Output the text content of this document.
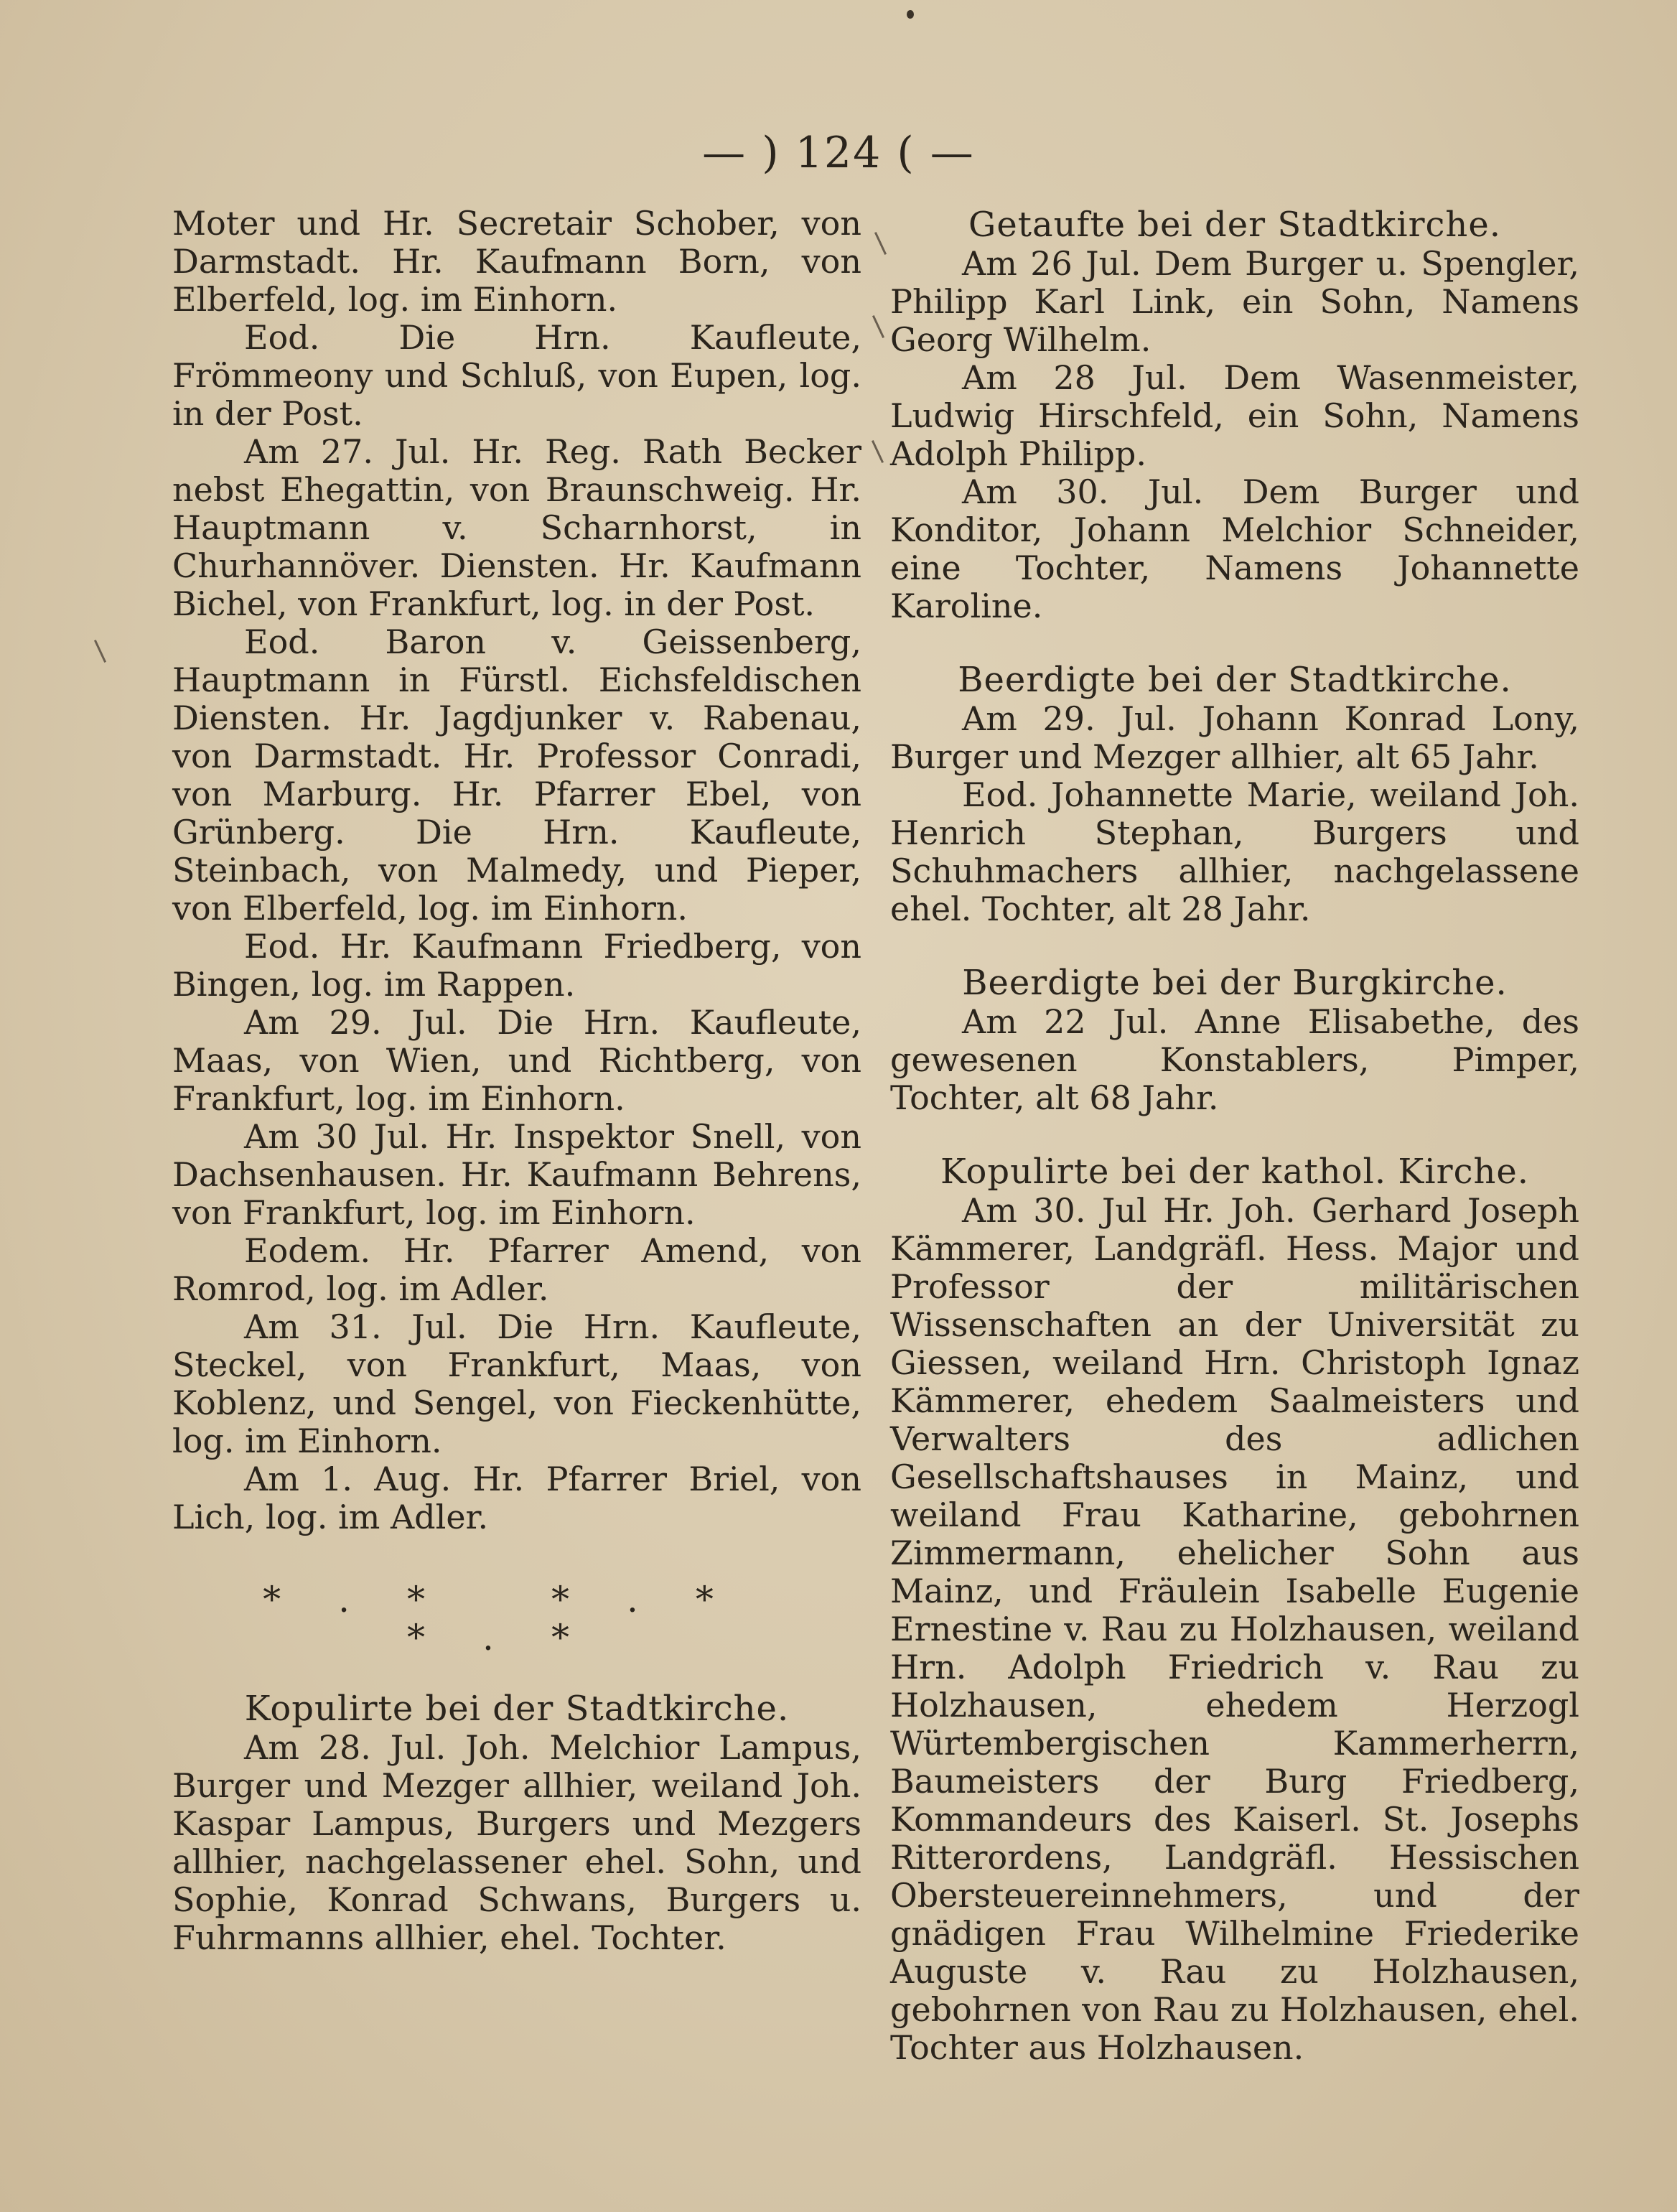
— ) 124 ( —

Moter und Hr. Secretair Schober, von Darmstadt. Hr. Kaufmann Born, von Elberfeld, log. im Einhorn.

Eod. Die Hrn. Kaufleute, Frömmeony und Schluß, von Eupen, log. in der Post.

Am 27. Jul. Hr. Reg. Rath Becker nebst Ehegattin, von Braunschweig. Hr. Hauptmann v. Scharnhorst, in Churhannöver. Diensten. Hr. Kaufmann Bichel, von Frankfurt, log. in der Post.

Eod. Baron v. Geissenberg, Hauptmann in Fürstl. Eichsfeldischen Diensten. Hr. Jagdjunker v. Rabenau, von Darmstadt. Hr. Professor Conradi, von Marburg. Hr. Pfarrer Ebel, von Grünberg. Die Hrn. Kaufleute, Steinbach, von Malmedy, und Pieper, von Elberfeld, log. im Einhorn.

Eod. Hr. Kaufmann Friedberg, von Bingen, log. im Rappen.

Am 29. Jul. Die Hrn. Kaufleute, Maas, von Wien, und Richtberg, von Frankfurt, log. im Einhorn.

Am 30 Jul. Hr. Inspektor Snell, von Dachsenhausen. Hr. Kaufmann Behrens, von Frankfurt, log. im Einhorn.

Eodem. Hr. Pfarrer Amend, von Romrod, log. im Adler.

Am 31. Jul. Die Hrn. Kaufleute, Steckel, von Frankfurt, Maas, von Koblenz, und Sengel, von Fieckenhütte, log. im Einhorn.

Am 1. Aug. Hr. Pfarrer Briel, von Lich, log. im Adler.

*.* *.* *.*
Kopulirte bei der Stadtkirche.

Am 28. Jul. Joh. Melchior Lampus, Burger und Mezger allhier, weiland Joh. Kaspar Lampus, Burgers und Mezgers allhier, nachgelassener ehel. Sohn, und Sophie, Konrad Schwans, Burgers u. Fuhrmanns allhier, ehel. Tochter.

Getaufte bei der Stadtkirche.

Am 26 Jul. Dem Burger u. Spengler, Philipp Karl Link, ein Sohn, Namens Georg Wilhelm.

Am 28 Jul. Dem Wasenmeister, Ludwig Hirschfeld, ein Sohn, Namens Adolph Philipp.

Am 30. Jul. Dem Burger und Konditor, Johann Melchior Schneider, eine Tochter, Namens Johannette Karoline.

Beerdigte bei der Stadtkirche.

Am 29. Jul. Johann Konrad Lony, Burger und Mezger allhier, alt 65 Jahr.

Eod. Johannette Marie, weiland Joh. Henrich Stephan, Burgers und Schuhmachers allhier, nachgelassene ehel. Tochter, alt 28 Jahr.

Beerdigte bei der Burgkirche.

Am 22 Jul. Anne Elisabethe, des gewesenen Konstablers, Pimper, Tochter, alt 68 Jahr.

Kopulirte bei der kathol. Kirche.

Am 30. Jul Hr. Joh. Gerhard Joseph Kämmerer, Landgräfl. Hess. Major und Professor der militärischen Wissenschaften an der Universität zu Giessen, weiland Hrn. Christoph Ignaz Kämmerer, ehedem Saalmeisters und Verwalters des adlichen Gesellschaftshauses in Mainz, und weiland Frau Katharine, gebohrnen Zimmermann, ehelicher Sohn aus Mainz, und Fräulein Isabelle Eugenie Ernestine v. Rau zu Holzhausen, weiland Hrn. Adolph Friedrich v. Rau zu Holzhausen, ehedem Herzogl Würtembergischen Kammerherrn, Baumeisters der Burg Friedberg, Kommandeurs des Kaiserl. St. Josephs Ritterordens, Landgräfl. Hessischen Obersteuereinnehmers, und der gnädigen Frau Wilhelmine Friederike Auguste v. Rau zu Holzhausen, gebohrnen von Rau zu Holzhausen, ehel. Tochter aus Holzhausen.
